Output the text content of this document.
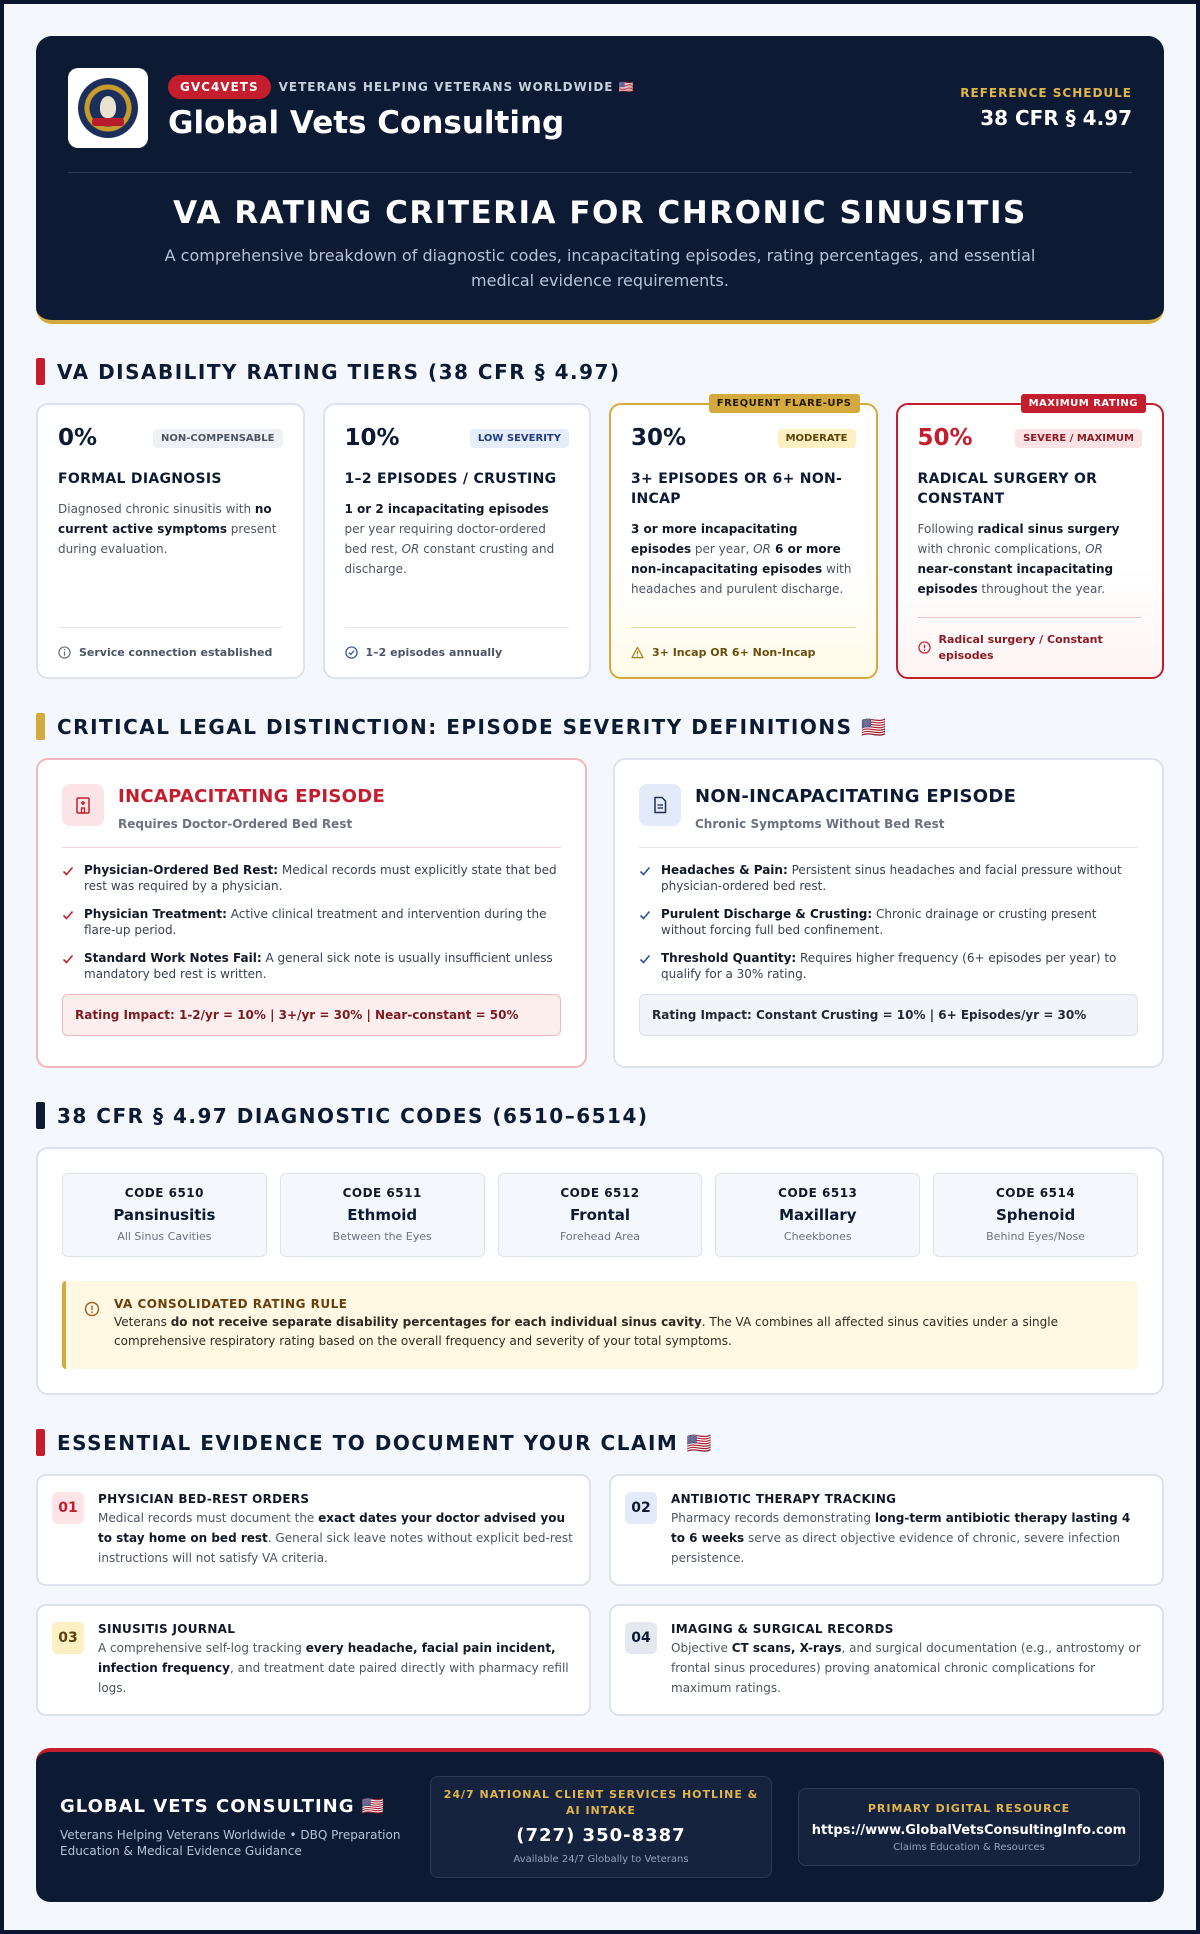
GVC4VETS	VETERANS HELPING VETERANS WORLDWIDE 🇺🇸
Global Vets Consulting
REFERENCE SCHEDULE
38 CFR § 4.97
VA RATING CRITERIA FOR CHRONIC SINUSITIS

A comprehensive breakdown of diagnostic codes, incapacitating episodes, rating percentages, and essential medical evidence requirements.

VA DISABILITY RATING TIERS (38 CFR § 4.97)
0%	NON-COMPENSABLE
FORMAL DIAGNOSIS
Diagnosed chronic sinusitis with no current active symptoms present during evaluation.
Service connection established
10%	LOW SEVERITY
1–2 EPISODES / CRUSTING
1 or 2 incapacitating episodes per year requiring doctor-ordered bed rest, OR constant crusting and discharge.
1–2 episodes annually
FREQUENT FLARE-UPS
30%	MODERATE
3+ EPISODES OR 6+ NON-INCAP
3 or more incapacitating episodes per year, OR 6 or more non-incapacitating episodes with headaches and purulent discharge.
3+ Incap OR 6+ Non-Incap
MAXIMUM RATING
50%	SEVERE / MAXIMUM
RADICAL SURGERY OR CONSTANT
Following radical sinus surgery with chronic complications, OR near-constant incapacitating episodes throughout the year.
Radical surgery / Constant episodes
CRITICAL LEGAL DISTINCTION: EPISODE SEVERITY DEFINITIONS 🇺🇸
INCAPACITATING EPISODE
Requires Doctor-Ordered Bed Rest
Physician-Ordered Bed Rest: Medical records must explicitly state that bed rest was required by a physician.
Physician Treatment: Active clinical treatment and intervention during the flare-up period.
Standard Work Notes Fail: A general sick note is usually insufficient unless mandatory bed rest is written.
Rating Impact: 1-2/yr = 10% | 3+/yr = 30% | Near-constant = 50%
NON-INCAPACITATING EPISODE
Chronic Symptoms Without Bed Rest
Headaches & Pain: Persistent sinus headaches and facial pressure without physician-ordered bed rest.
Purulent Discharge & Crusting: Chronic drainage or crusting present without forcing full bed confinement.
Threshold Quantity: Requires higher frequency (6+ episodes per year) to qualify for a 30% rating.
Rating Impact: Constant Crusting = 10% | 6+ Episodes/yr = 30%
38 CFR § 4.97 DIAGNOSTIC CODES (6510–6514)
CODE 6510
Pansinusitis
All Sinus Cavities
CODE 6511
Ethmoid
Between the Eyes
CODE 6512
Frontal
Forehead Area
CODE 6513
Maxillary
Cheekbones
CODE 6514
Sphenoid
Behind Eyes/Nose
VA CONSOLIDATED RATING RULE
Veterans do not receive separate disability percentages for each individual sinus cavity. The VA combines all affected sinus cavities under a single comprehensive respiratory rating based on the overall frequency and severity of your total symptoms.
ESSENTIAL EVIDENCE TO DOCUMENT YOUR CLAIM 🇺🇸
01
PHYSICIAN BED-REST ORDERS
Medical records must document the exact dates your doctor advised you to stay home on bed rest. General sick leave notes without explicit bed-rest instructions will not satisfy VA criteria.
02
ANTIBIOTIC THERAPY TRACKING
Pharmacy records demonstrating long-term antibiotic therapy lasting 4 to 6 weeks serve as direct objective evidence of chronic, severe infection persistence.
03
SINUSITIS JOURNAL
A comprehensive self-log tracking every headache, facial pain incident, infection frequency, and treatment date paired directly with pharmacy refill logs.
04
IMAGING & SURGICAL RECORDS
Objective CT scans, X-rays, and surgical documentation (e.g., antrostomy or frontal sinus procedures) proving anatomical chronic complications for maximum ratings.
GLOBAL VETS CONSULTING 🇺🇸
Veterans Helping Veterans Worldwide • DBQ Preparation Education & Medical Evidence Guidance
24/7 NATIONAL CLIENT SERVICES HOTLINE & AI INTAKE
(727) 350-8387
Available 24/7 Globally to Veterans
PRIMARY DIGITAL RESOURCE
https://www.GlobalVetsConsultingInfo.com
Claims Education & Resources
